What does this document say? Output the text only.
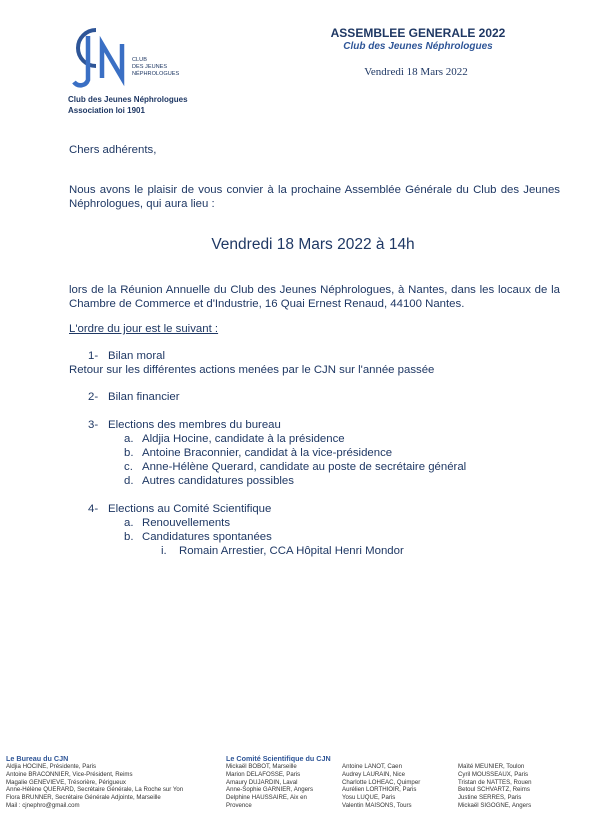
CLUB
DES JEUNES
NÉPHROLOGUES
Club des Jeunes Néphrologues
Association loi 1901
ASSEMBLEE GENERALE 2022
Club des Jeunes Néphrologues
Vendredi 18 Mars 2022
Chers adhérents,
Nous avons le plaisir de vous convier à la prochaine Assemblée Générale du Club des Jeunes Néphrologues, qui aura lieu :
Vendredi 18 Mars 2022 à 14h
lors de la Réunion Annuelle du Club des Jeunes Néphrologues, à Nantes, dans les locaux de la Chambre de Commerce et d'Industrie, 16 Quai Ernest Renaud, 44100 Nantes.
L'ordre du jour est le suivant :
1- Bilan moral
Retour sur les différentes actions menées par le CJN sur l'année passée
2- Bilan financier
3- Elections des membres du bureau
a. Aldjia Hocine, candidate à la présidence
b. Antoine Braconnier, candidat à la vice-présidence
c. Anne-Hélène Querard, candidate au poste de secrétaire général
d. Autres candidatures possibles
4- Elections au Comité Scientifique
a. Renouvellements
b. Candidatures spontanées
i. Romain Arrestier, CCA Hôpital Henri Mondor
Le Bureau du CJN
Aldjia HOCINE, Présidente, Paris
Antoine BRACONNIER, Vice-Président, Reims
Magalie GENEVIEVE, Trésorière, Périgueux
Anne-Hélène QUERARD, Secrétaire Générale, La Roche sur Yon
Flora BRUNNER, Secrétaire Générale Adjointe, Marseille
Mail : cjnephro@gmail.com
Le Comité Scientifique du CJN
Mickaël BOBOT, Marseille
Marion DELAFOSSE, Paris
Amaury DUJARDIN, Laval
Anne-Sophie GARNIER, Angers
Delphine HAUSSAIRE, Aix en
Provence
Antoine LANOT, Caen
Audrey LAURAIN, Nice
Charlotte LOHEAC, Quimper
Aurélien LORTHIOIR, Paris
Yosu LUQUE, Paris
Valentin MAISONS, Tours
Maïté MEUNIER, Toulon
Cyril MOUSSEAUX, Paris
Tristan de NATTES, Rouen
Betoul SCHVARTZ, Reims
Justine SERRES, Paris
Mickaël SIGOGNE, Angers
